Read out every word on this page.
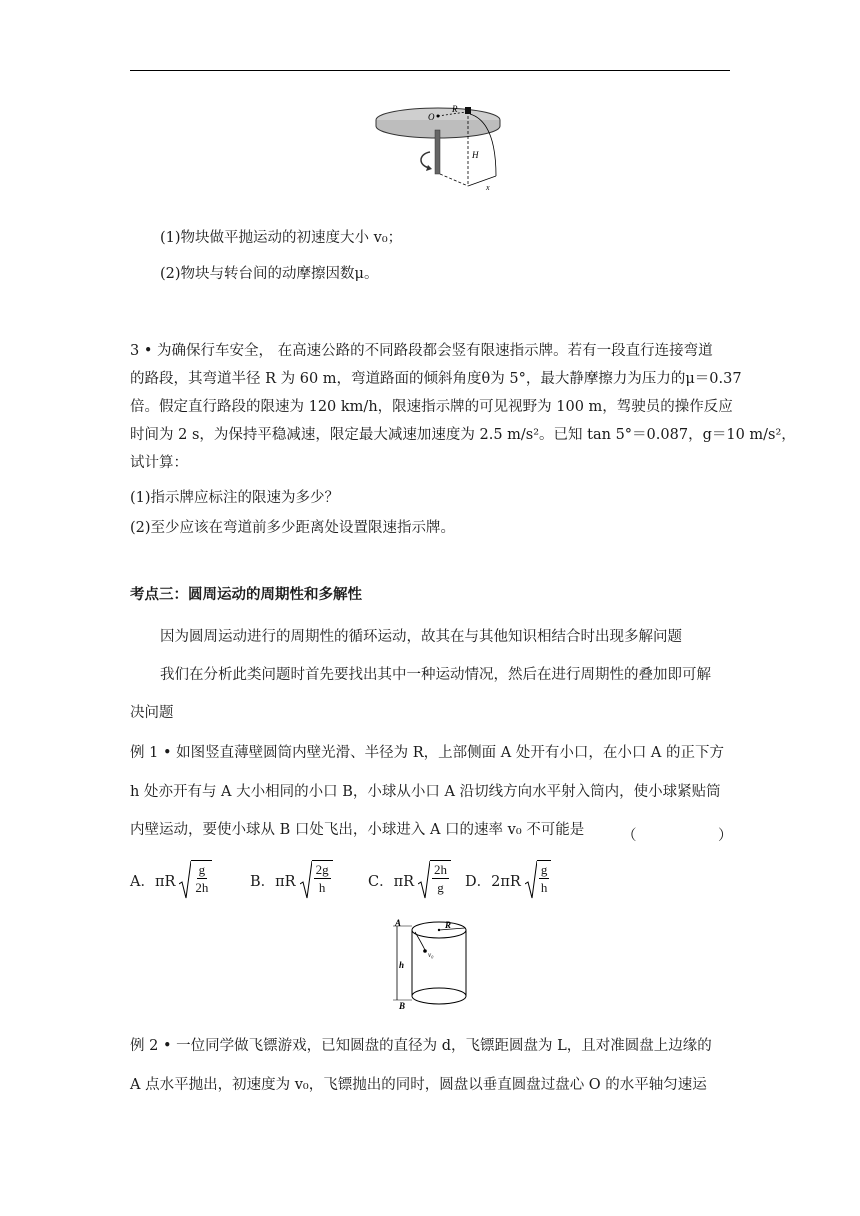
O
R
H
x
(1)物块做平抛运动的初速度大小 v₀；
(2)物块与转台间的动摩擦因数μ。
3 • 为确保行车安全， 在高速公路的不同路段都会竖有限速指示牌。若有一段直行连接弯道
的路段，其弯道半径 R 为 60 m，弯道路面的倾斜角度θ为 5°，最大静摩擦力为压力的μ＝0.37
倍。假定直行路段的限速为 120 km/h，限速指示牌的可见视野为 100 m，驾驶员的操作反应
时间为 2 s，为保持平稳减速，限定最大减速加速度为 2.5 m/s²。已知 tan 5°＝0.087，g＝10 m/s²，
试计算：
(1)指示牌应标注的限速为多少？
(2)至少应该在弯道前多少距离处设置限速指示牌。
考点三：圆周运动的周期性和多解性
因为圆周运动进行的周期性的循环运动，故其在与其他知识相结合时出现多解问题
我们在分析此类问题时首先要找出其中一种运动情况，然后在进行周期性的叠加即可解
决问题
例 1 • 如图竖直薄壁圆筒内壁光滑、半径为 R，上部侧面 A 处开有小口，在小口 A 的正下方
h 处亦开有与 A 大小相同的小口 B，小球从小口 A 沿切线方向水平射入筒内，使小球紧贴筒
内壁运动，要使小球从 B 口处飞出，小球进入 A 口的速率 v₀ 不可能是	（	）
A．πR $\frac{g}{2h}$	B．πR $\frac{2g}{h}$ C．πR $\frac{2h}{g}$ D．$2\pi R \frac{g}{h}$
A	R
h
v₀
B
例 2 • 一位同学做飞镖游戏，已知圆盘的直径为 d，飞镖距圆盘为 L，且对准圆盘上边缘的
A 点水平抛出，初速度为 v₀，飞镖抛出的同时，圆盘以垂直圆盘过盘心 O 的水平轴匀速运
